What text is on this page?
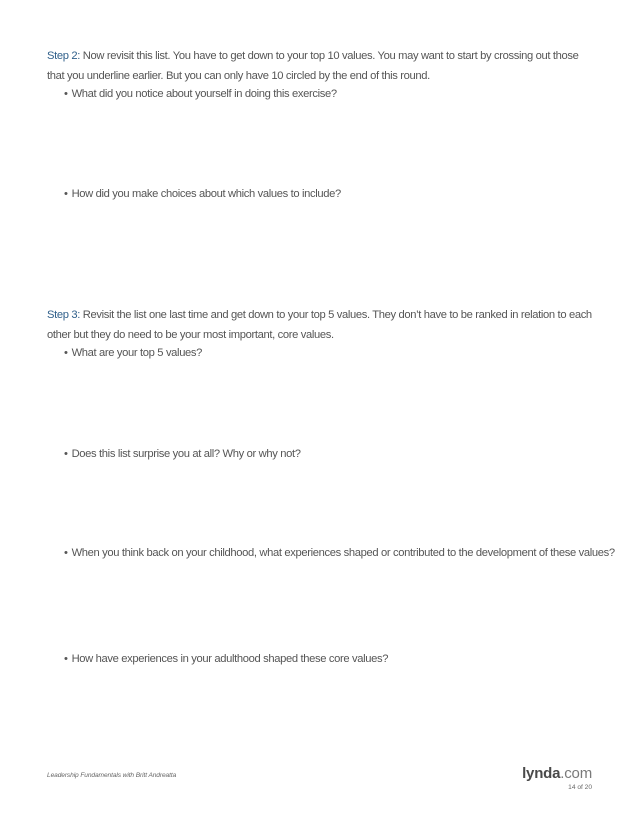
Step 2: Now revisit this list. You have to get down to your top 10 values. You may want to start by crossing out those that you underline earlier. But you can only have 10 circled by the end of this round.
• What did you notice about yourself in doing this exercise?
• How did you make choices about which values to include?
Step 3: Revisit the list one last time and get down to your top 5 values. They don’t have to be ranked in relation to each other but they do need to be your most important, core values.
• What are your top 5 values?
• Does this list surprise you at all? Why or why not?
• When you think back on your childhood, what experiences shaped or contributed to the development of these values?
• How have experiences in your adulthood shaped these core values?
Leadership Fundamentals with Britt Andreatta	lynda.com
14 of 20
